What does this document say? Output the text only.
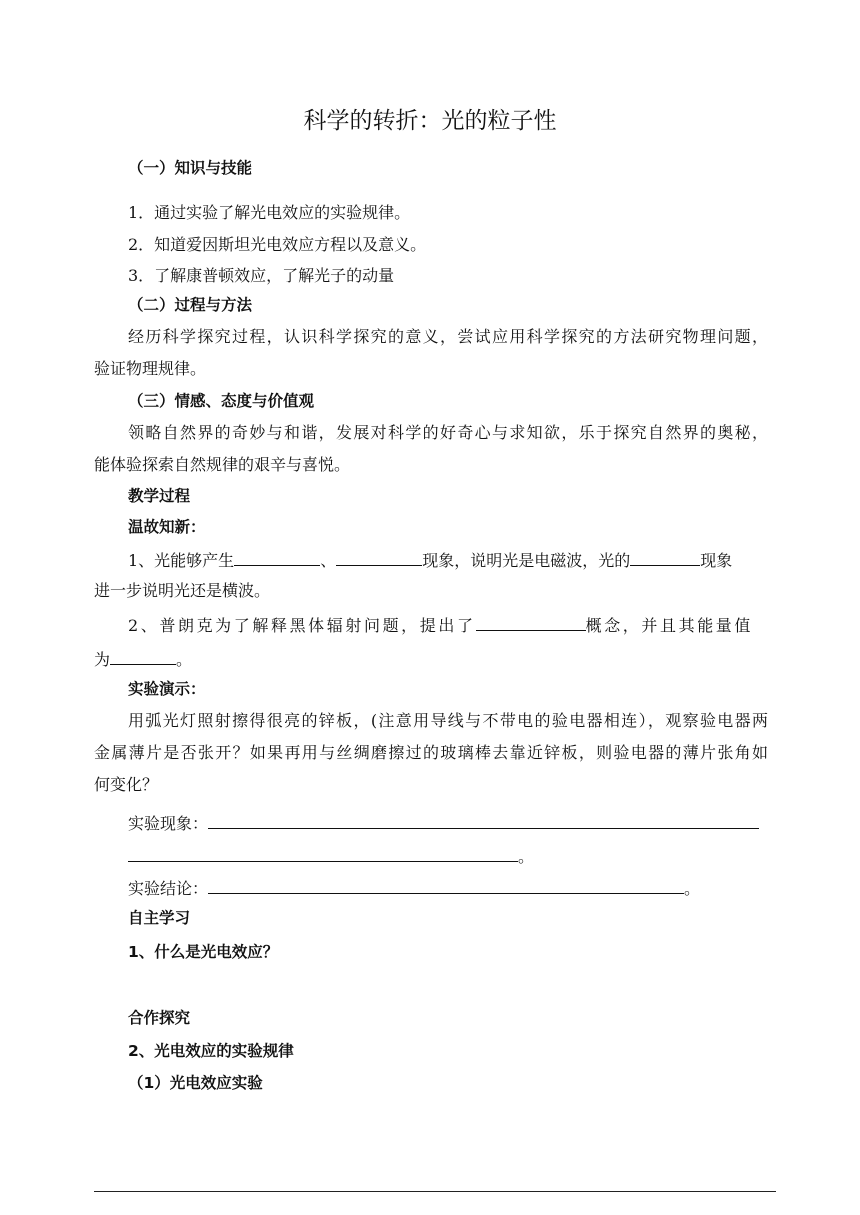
科学的转折：光的粒子性
（一）知识与技能
1．通过实验了解光电效应的实验规律。
2．知道爱因斯坦光电效应方程以及意义。
3．了解康普顿效应，了解光子的动量
（二）过程与方法
经历科学探究过程，认识科学探究的意义，尝试应用科学探究的方法研究物理问题，
验证物理规律。
（三）情感、态度与价值观
领略自然界的奇妙与和谐，发展对科学的好奇心与求知欲，乐于探究自然界的奥秘，
能体验探索自然规律的艰辛与喜悦。
教学过程
温故知新：
1、光能够产生	、	现象，说明光是电磁波，光的	现象
进一步说明光还是横波。
2、普朗克为了解释黑体辐射问题，提出了	概念，并且其能量值
为	。
实验演示：
用弧光灯照射擦得很亮的锌板，(注意用导线与不带电的验电器相连），观察验电器两
金属薄片是否张开？如果再用与丝绸磨擦过的玻璃棒去靠近锌板，则验电器的薄片张角如
何变化？
实验现象：
。
实验结论：	。
自主学习
1、什么是光电效应？
合作探究
2、光电效应的实验规律
（1）光电效应实验
